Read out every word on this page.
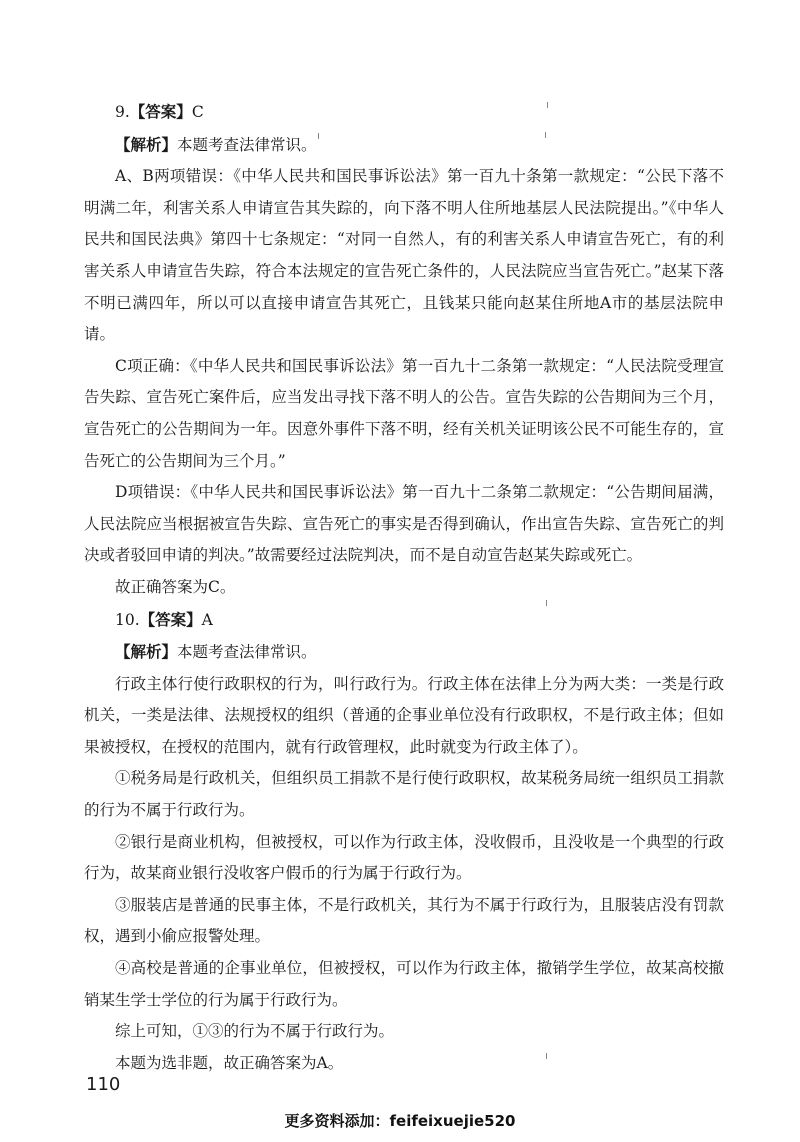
9.【答案】C

【解析】本题考查法律常识。

A、B两项错误：《中华人民共和国民事诉讼法》第一百九十条第一款规定：“公民下落不明满二年，利害关系人申请宣告其失踪的，向下落不明人住所地基层人民法院提出。”《中华人民共和国民法典》第四十七条规定：“对同一自然人，有的利害关系人申请宣告死亡，有的利害关系人申请宣告失踪，符合本法规定的宣告死亡条件的，人民法院应当宣告死亡。”赵某下落不明已满四年，所以可以直接申请宣告其死亡，且钱某只能向赵某住所地A市的基层法院申请。

C项正确：《中华人民共和国民事诉讼法》第一百九十二条第一款规定：“人民法院受理宣告失踪、宣告死亡案件后，应当发出寻找下落不明人的公告。宣告失踪的公告期间为三个月，宣告死亡的公告期间为一年。因意外事件下落不明，经有关机关证明该公民不可能生存的，宣告死亡的公告期间为三个月。”

D项错误：《中华人民共和国民事诉讼法》第一百九十二条第二款规定：“公告期间届满，人民法院应当根据被宣告失踪、宣告死亡的事实是否得到确认，作出宣告失踪、宣告死亡的判决或者驳回申请的判决。”故需要经过法院判决，而不是自动宣告赵某失踪或死亡。

故正确答案为C。

10.【答案】A

【解析】本题考查法律常识。

行政主体行使行政职权的行为，叫行政行为。行政主体在法律上分为两大类：一类是行政机关，一类是法律、法规授权的组织（普通的企事业单位没有行政职权，不是行政主体；但如果被授权，在授权的范围内，就有行政管理权，此时就变为行政主体了）。

①税务局是行政机关，但组织员工捐款不是行使行政职权，故某税务局统一组织员工捐款的行为不属于行政行为。

②银行是商业机构，但被授权，可以作为行政主体，没收假币，且没收是一个典型的行政行为，故某商业银行没收客户假币的行为属于行政行为。

③服装店是普通的民事主体，不是行政机关，其行为不属于行政行为，且服装店没有罚款权，遇到小偷应报警处理。

④高校是普通的企事业单位，但被授权，可以作为行政主体，撤销学生学位，故某高校撤销某生学士学位的行为属于行政行为。

综上可知，①③的行为不属于行政行为。

本题为选非题，故正确答案为A。

110
更多资料添加：feifeixuejie520
